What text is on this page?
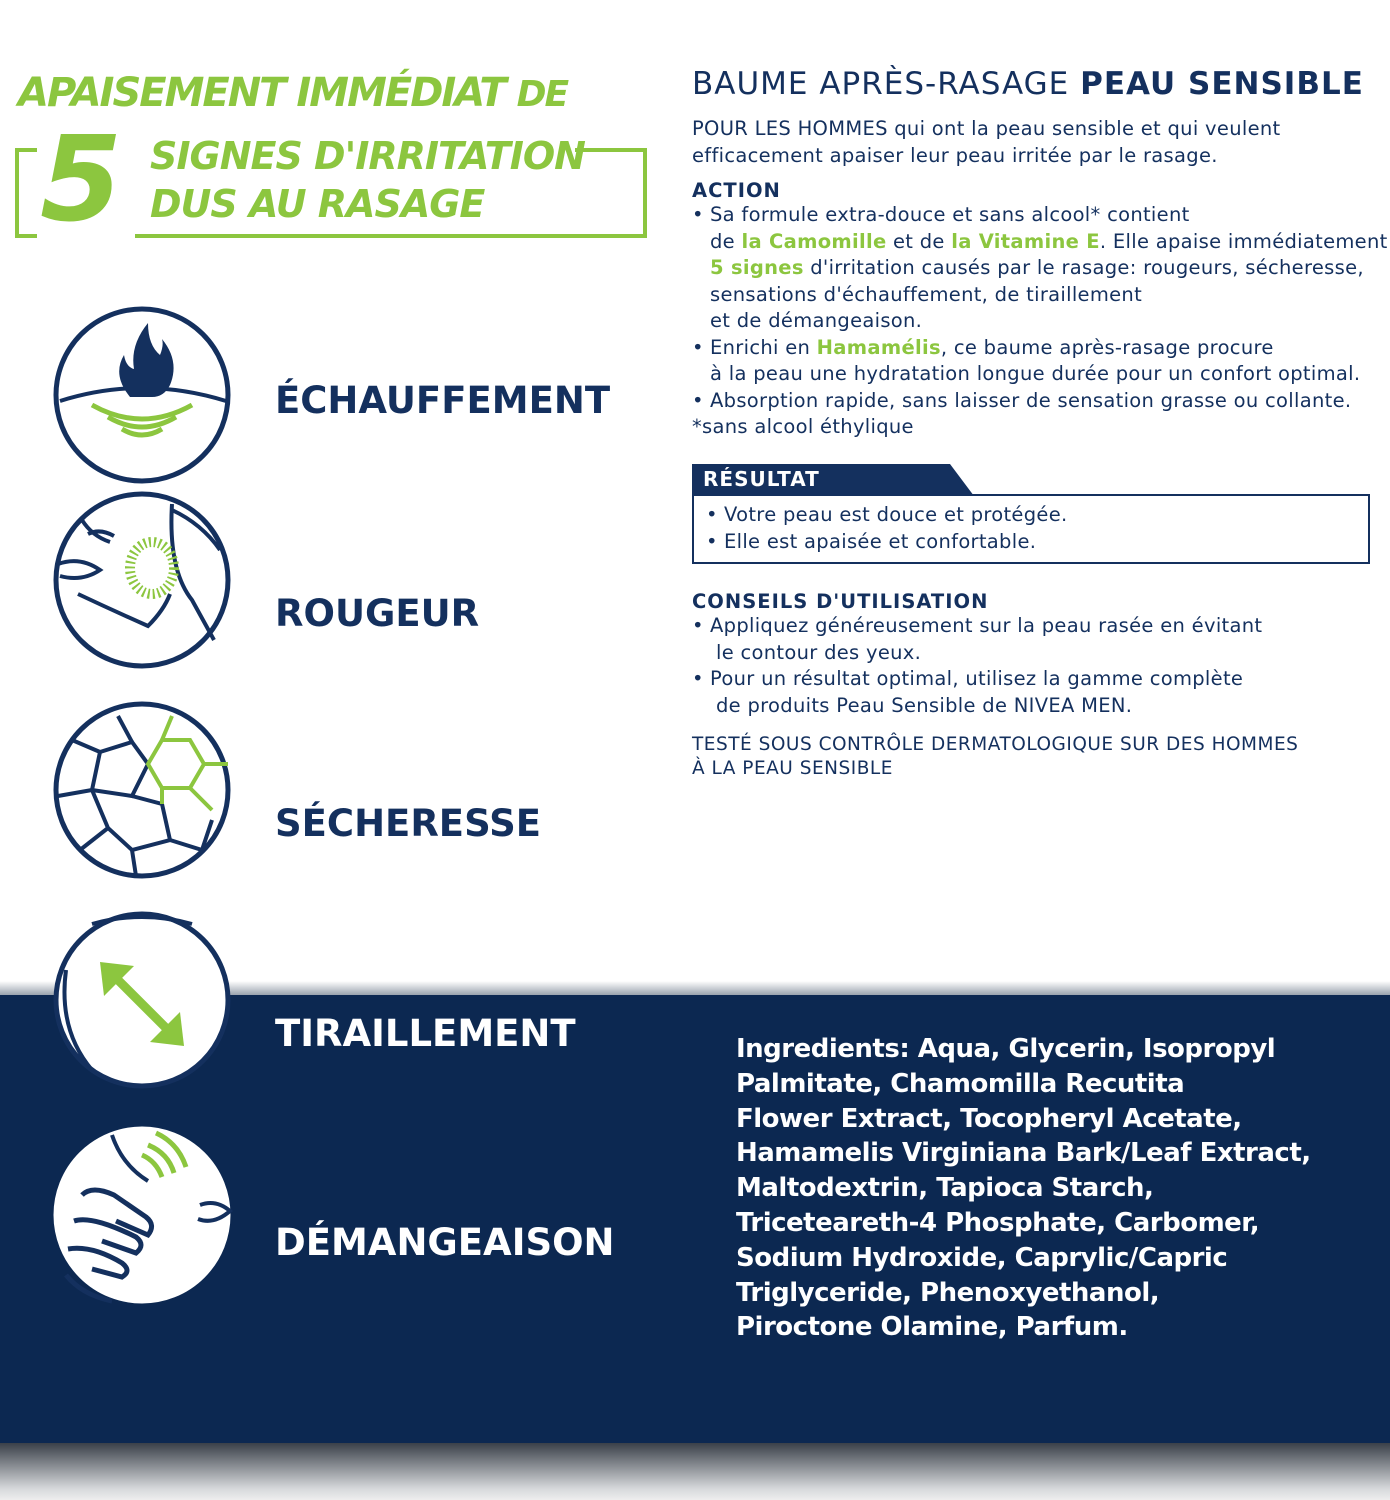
APAISEMENT IMMÉDIAT DE
5 SIGNES D'IRRITATION
DUS AU RASAGE
ÉCHAUFFEMENT
ROUGEUR
SÉCHERESSE
TIRAILLEMENT
DÉMANGEAISON
BAUME APRÈS-RASAGE PEAU SENSIBLE
POUR LES HOMMES qui ont la peau sensible et qui veulent
efficacement apaiser leur peau irritée par le rasage.
ACTION
• Sa formule extra-douce et sans alcool* contient
de la Camomille et de la Vitamine E. Elle apaise immédiatement
5 signes d'irritation causés par le rasage: rougeurs, sécheresse,
sensations d'échauffement, de tiraillement
et de démangeaison.
• Enrichi en Hamamélis, ce baume après-rasage procure
à la peau une hydratation longue durée pour un confort optimal.
• Absorption rapide, sans laisser de sensation grasse ou collante.
*sans alcool éthylique
RÉSULTAT
• Votre peau est douce et protégée.
• Elle est apaisée et confortable.
CONSEILS D'UTILISATION
• Appliquez généreusement sur la peau rasée en évitant
le contour des yeux.
• Pour un résultat optimal, utilisez la gamme complète
de produits Peau Sensible de NIVEA MEN.
TESTÉ SOUS CONTRÔLE DERMATOLOGIQUE SUR DES HOMMES
À LA PEAU SENSIBLE
Ingredients: Aqua, Glycerin, Isopropyl
Palmitate, Chamomilla Recutita
Flower Extract, Tocopheryl Acetate,
Hamamelis Virginiana Bark/Leaf Extract,
Maltodextrin, Tapioca Starch,
Triceteareth-4 Phosphate, Carbomer,
Sodium Hydroxide, Caprylic/Capric
Triglyceride, Phenoxyethanol,
Piroctone Olamine, Parfum.
